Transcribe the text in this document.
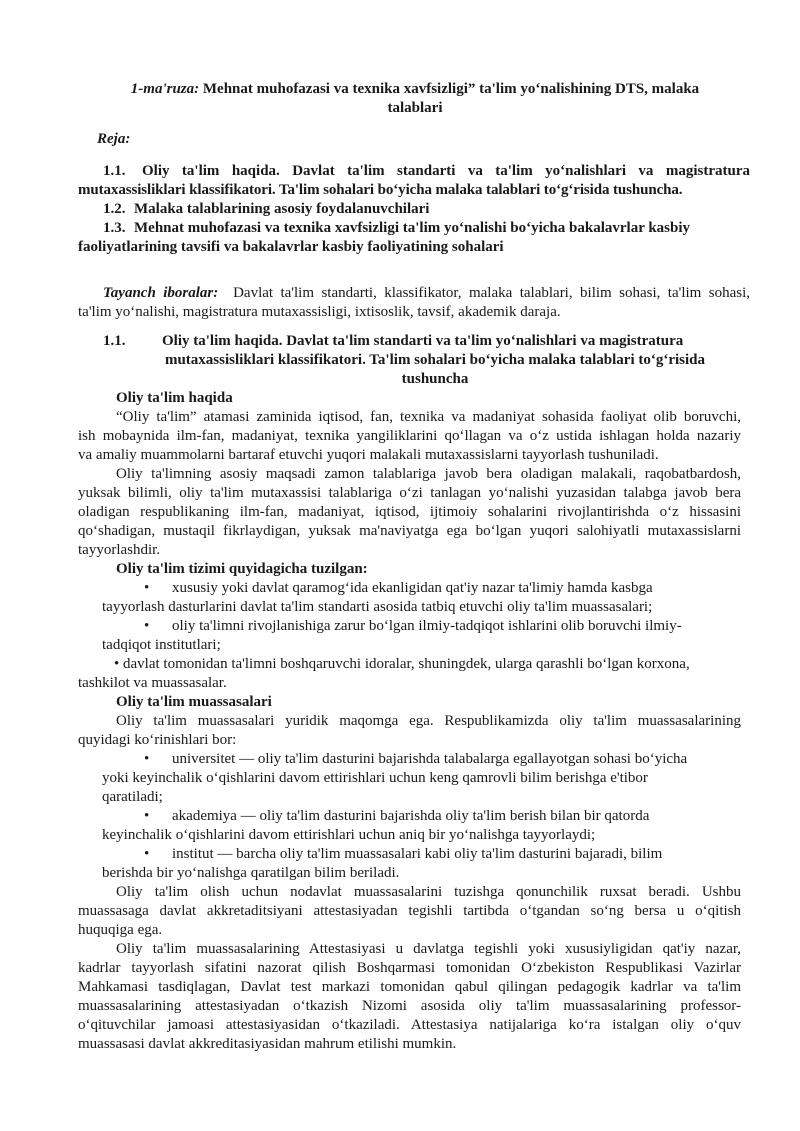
1-ma'ruza: Mehnat muhofazasi va texnika xavfsizligi” ta'lim yo‘nalishining DTS, malaka
talablari
Reja:
1.1. Oliy ta'lim haqida. Davlat ta'lim standarti va ta'lim yo‘nalishlari va magistratura
mutaxassisliklari klassifikatori. Ta'lim sohalari bo‘yicha malaka talablari to‘g‘risida tushuncha.
1.2. Malaka talablarining asosiy foydalanuvchilari
1.3. Mehnat muhofazasi va texnika xavfsizligi ta'lim yo‘nalishi bo‘yicha bakalavrlar kasbiy
faoliyatlarining tavsifi va bakalavrlar kasbiy faoliyatining sohalari
Tayanch iboralar: Davlat ta'lim standarti, klassifikator, malaka talablari, bilim sohasi, ta'lim sohasi,
ta'lim yo‘nalishi, magistratura mutaxassisligi, ixtisoslik, tavsif, akademik daraja.
1.1. Oliy ta'lim haqida. Davlat ta'lim standarti va ta'lim yo‘nalishlari va magistratura
mutaxassisliklari klassifikatori. Ta'lim sohalari bo‘yicha malaka talablari to‘g‘risida
tushuncha
Oliy ta'lim haqida
“Oliy ta'lim” atamasi zaminida iqtisod, fan, texnika va madaniyat sohasida faoliyat olib boruvchi,
ish mobaynida ilm-fan, madaniyat, texnika yangiliklarini qo‘llagan va o‘z ustida ishlagan holda nazariy
va amaliy muammolarni bartaraf etuvchi yuqori malakali mutaxassislarni tayyorlash tushuniladi.
Oliy ta'limning asosiy maqsadi zamon talablariga javob bera oladigan malakali, raqobatbardosh,
yuksak bilimli, oliy ta'lim mutaxassisi talablariga o‘zi tanlagan yo‘nalishi yuzasidan talabga javob bera
oladigan respublikaning ilm-fan, madaniyat, iqtisod, ijtimoiy sohalarini rivojlantirishda o‘z hissasini
qo‘shadigan, mustaqil fikrlaydigan, yuksak ma'naviyatga ega bo‘lgan yuqori salohiyatli mutaxassislarni
tayyorlashdir.
Oliy ta'lim tizimi quyidagicha tuzilgan:
• xususiy yoki davlat qaramog‘ida ekanligidan qat'iy nazar ta'limiy hamda kasbga
tayyorlash dasturlarini davlat ta'lim standarti asosida tatbiq etuvchi oliy ta'lim muassasalari;
• oliy ta'limni rivojlanishiga zarur bo‘lgan ilmiy-tadqiqot ishlarini olib boruvchi ilmiy-
tadqiqot institutlari;
• davlat tomonidan ta'limni boshqaruvchi idoralar, shuningdek, ularga qarashli bo‘lgan korxona,
tashkilot va muassasalar.
Oliy ta'lim muassasalari
Oliy ta'lim muassasalari yuridik maqomga ega. Respublikamizda oliy ta'lim muassasalarining
quyidagi ko‘rinishlari bor:
• universitet — oliy ta'lim dasturini bajarishda talabalarga egallayotgan sohasi bo‘yicha
yoki keyinchalik o‘qishlarini davom ettirishlari uchun keng qamrovli bilim berishga e'tibor
qaratiladi;
• akademiya — oliy ta'lim dasturini bajarishda oliy ta'lim berish bilan bir qatorda
keyinchalik o‘qishlarini davom ettirishlari uchun aniq bir yo‘nalishga tayyorlaydi;
• institut — barcha oliy ta'lim muassasalari kabi oliy ta'lim dasturini bajaradi, bilim
berishda bir yo‘nalishga qaratilgan bilim beriladi.
Oliy ta'lim olish uchun nodavlat muassasalarini tuzishga qonunchilik ruxsat beradi. Ushbu
muassasaga davlat akkretaditsiyani attestasiyadan tegishli tartibda o‘tgandan so‘ng bersa u o‘qitish
huquqiga ega.
Oliy ta'lim muassasalarining Attestasiyasi u davlatga tegishli yoki xususiyligidan qat'iy nazar,
kadrlar tayyorlash sifatini nazorat qilish Boshqarmasi tomonidan O‘zbekiston Respublikasi Vazirlar
Mahkamasi tasdiqlagan, Davlat test markazi tomonidan qabul qilingan pedagogik kadrlar va ta'lim
muassasalarining attestasiyadan o‘tkazish Nizomi asosida oliy ta'lim muassasalarining professor-
o‘qituvchilar jamoasi attestasiyasidan o‘tkaziladi. Attestasiya natijalariga ko‘ra istalgan oliy o‘quv
muassasasi davlat akkreditasiyasidan mahrum etilishi mumkin.
